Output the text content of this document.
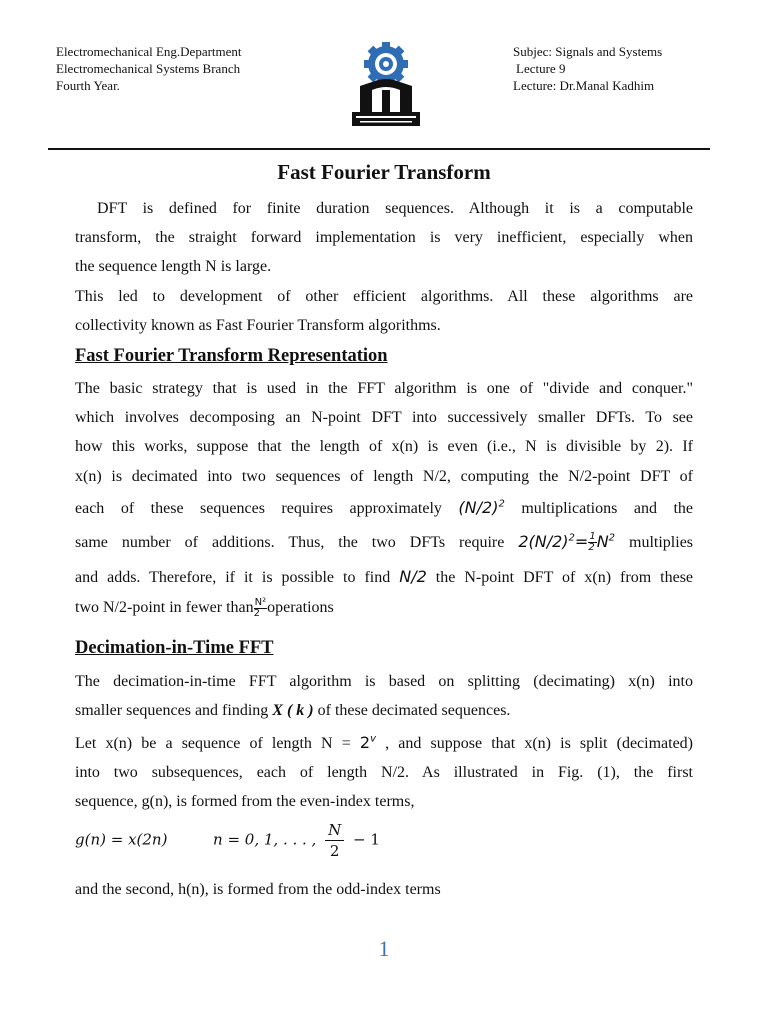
Electromechanical Eng.Department
Electromechanical Systems Branch
Fourth Year.
Subjec: Signals and Systems
Lecture 9
Lecture: Dr.Manal Kadhim
Fast Fourier Transform
DFT is defined for finite duration sequences. Although it is a computable
transform, the straight forward implementation is very inefficient, especially when
the sequence length N is large.
This led to development of other efficient algorithms. All these algorithms are
collectivity known as Fast Fourier Transform algorithms.
Fast Fourier Transform Representation
The basic strategy that is used in the FFT algorithm is one of "divide and conquer."
which involves decomposing an N-point DFT into successively smaller DFTs. To see
how this works, suppose that the length of x(n) is even (i.e., N is divisible by 2). If
x(n) is decimated into two sequences of length N/2, computing the N/2-point DFT of
each of these sequences requires approximately $(N/2)^2$ multiplications and the
same number of additions. Thus, the two DFTs require $2(N/2)^2= \frac{1}{2} N^2$ multiplies
and adds. Therefore, if it is possible to find N/2 the N-point DFT of x(n) from these
two N/2-point in fewer than $\frac{\text{N²}}{2}$ operations
Decimation-in-Time FFT
The decimation-in-time FFT algorithm is based on splitting (decimating) x(n) into
smaller sequences and finding X ( k ) of these decimated sequences.
Let x(n) be a sequence of length $N = 2^v$ , and suppose that x(n) is split (decimated)
into two subsequences, each of length N/2. As illustrated in Fig. (1), the first
sequence, g(n), is formed from the even-index terms,
g(n) = x(2n)	n = 0, 1, . . . , $\frac{N}{2} - 1$
and the second, h(n), is formed from the odd-index terms
1
